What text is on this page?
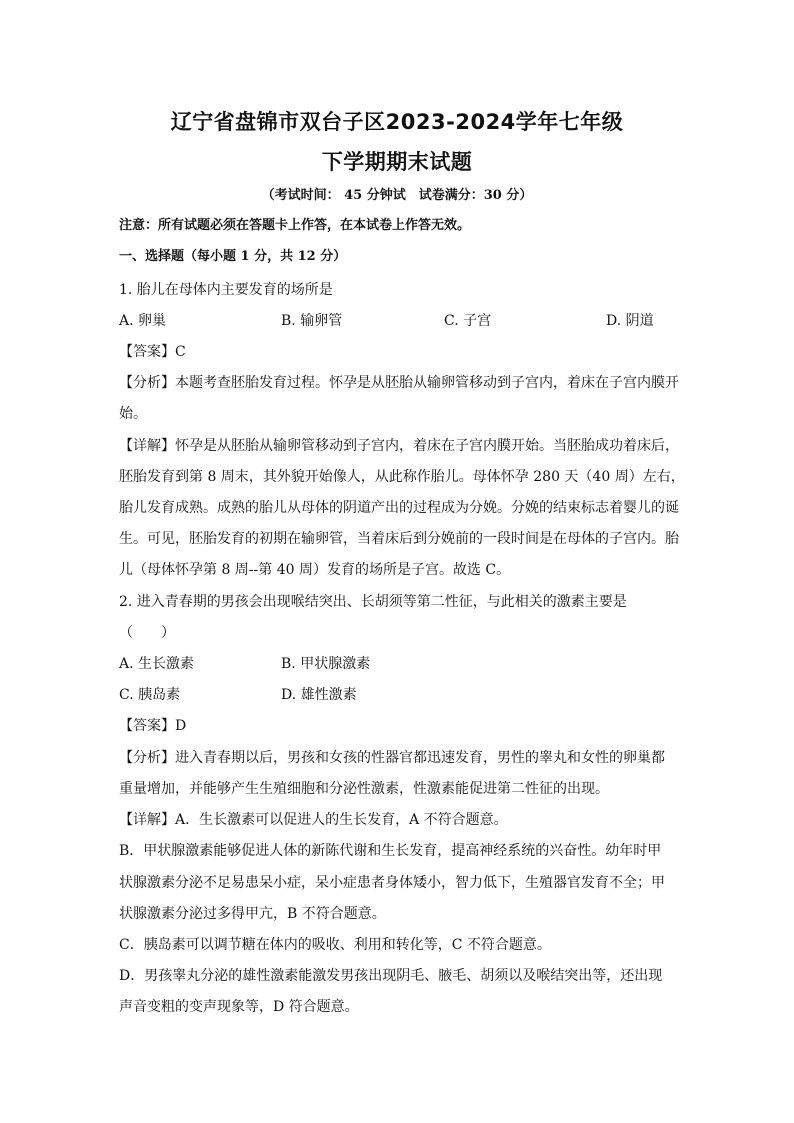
辽宁省盘锦市双台子区2023-2024学年七年级
下学期期末试题
（考试时间： 45 分钟试　试卷满分：30 分）
注意：所有试题必须在答题卡上作答，在本试卷上作答无效。
一、选择题（每小题 1 分，共 12 分）
1. 胎儿在母体内主要发育的场所是
A. 卵巢	B. 输卵管	C. 子宫	D. 阴道
【答案】C
【分析】本题考查胚胎发育过程。怀孕是从胚胎从输卵管移动到子宫内，着床在子宫内膜开
始。
【详解】怀孕是从胚胎从输卵管移动到子宫内，着床在子宫内膜开始。当胚胎成功着床后，
胚胎发育到第 8 周末，其外貌开始像人，从此称作胎儿。母体怀孕 280 天（40 周）左右，
胎儿发育成熟。成熟的胎儿从母体的阴道产出的过程成为分娩。分娩的结束标志着婴儿的诞
生。可见，胚胎发育的初期在输卵管，当着床后到分娩前的一段时间是在母体的子宫内。胎
儿（母体怀孕第 8 周--第 40 周）发育的场所是子宫。故选 C。
2. 进入青春期的男孩会出现喉结突出、长胡须等第二性征，与此相关的激素主要是
（　　）
A. 生长激素	B. 甲状腺激素
C. 胰岛素	D. 雄性激素
【答案】D
【分析】进入青春期以后，男孩和女孩的性器官都迅速发育，男性的睾丸和女性的卵巢都
重量增加，并能够产生生殖细胞和分泌性激素，性激素能促进第二性征的出现。
【详解】A．生长激素可以促进人的生长发育，A 不符合题意。
B．甲状腺激素能够促进人体的新陈代谢和生长发育，提高神经系统的兴奋性。幼年时甲
状腺激素分泌不足易患呆小症，呆小症患者身体矮小，智力低下，生殖器官发育不全；甲
状腺激素分泌过多得甲亢，B 不符合题意。
C．胰岛素可以调节糖在体内的吸收、利用和转化等，C 不符合题意。
D．男孩睾丸分泌的雄性激素能激发男孩出现阴毛、腋毛、胡须以及喉结突出等，还出现
声音变粗的变声现象等，D 符合题意。
